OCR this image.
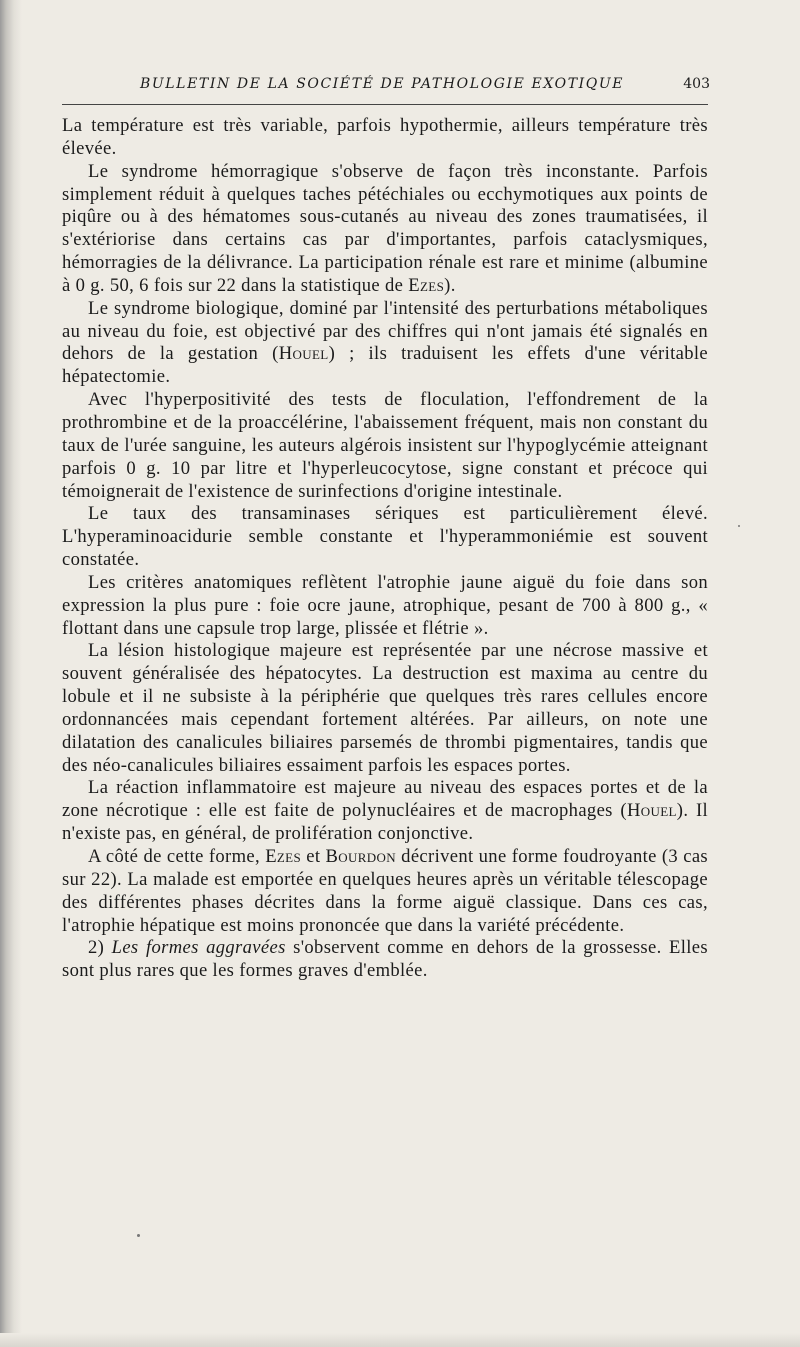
BULLETIN DE LA SOCIÉTÉ DE PATHOLOGIE EXOTIQUE	403

La température est très variable, parfois hypothermie, ailleurs température très élevée.

Le syndrome hémorragique s'observe de façon très inconstante. Parfois simplement réduit à quelques taches pétéchiales ou ecchymotiques aux points de piqûre ou à des hématomes sous-cutanés au niveau des zones traumatisées, il s'extériorise dans certains cas par d'importantes, parfois cataclysmiques, hémorragies de la délivrance. La participation rénale est rare et minime (albumine à 0 g. 50, 6 fois sur 22 dans la statistique de Ezes).

Le syndrome biologique, dominé par l'intensité des perturbations métaboliques au niveau du foie, est objectivé par des chiffres qui n'ont jamais été signalés en dehors de la gestation (Houel) ; ils traduisent les effets d'une véritable hépatectomie.

Avec l'hyperpositivité des tests de floculation, l'effondrement de la prothrombine et de la proaccélérine, l'abaissement fréquent, mais non constant du taux de l'urée sanguine, les auteurs algérois insistent sur l'hypoglycémie atteignant parfois 0 g. 10 par litre et l'hyperleucocytose, signe constant et précoce qui témoignerait de l'existence de surinfections d'origine intestinale.

Le taux des transaminases sériques est particulièrement élevé. L'hyperaminoacidurie semble constante et l'hyperammoniémie est souvent constatée.

Les critères anatomiques reflètent l'atrophie jaune aiguë du foie dans son expression la plus pure : foie ocre jaune, atrophique, pesant de 700 à 800 g., « flottant dans une capsule trop large, plissée et flétrie ».

La lésion histologique majeure est représentée par une nécrose massive et souvent généralisée des hépatocytes. La destruction est maxima au centre du lobule et il ne subsiste à la périphérie que quelques très rares cellules encore ordonnancées mais cependant fortement altérées. Par ailleurs, on note une dilatation des canalicules biliaires parsemés de thrombi pigmentaires, tandis que des néo-canalicules biliaires essaiment parfois les espaces portes.

La réaction inflammatoire est majeure au niveau des espaces portes et de la zone nécrotique : elle est faite de polynucléaires et de macrophages (Houel). Il n'existe pas, en général, de prolifération conjonctive.

A côté de cette forme, Ezes et Bourdon décrivent une forme foudroyante (3 cas sur 22). La malade est emportée en quelques heures après un véritable télescopage des différentes phases décrites dans la forme aiguë classique. Dans ces cas, l'atrophie hépatique est moins prononcée que dans la variété précédente.

2) Les formes aggravées s'observent comme en dehors de la grossesse. Elles sont plus rares que les formes graves d'emblée.
